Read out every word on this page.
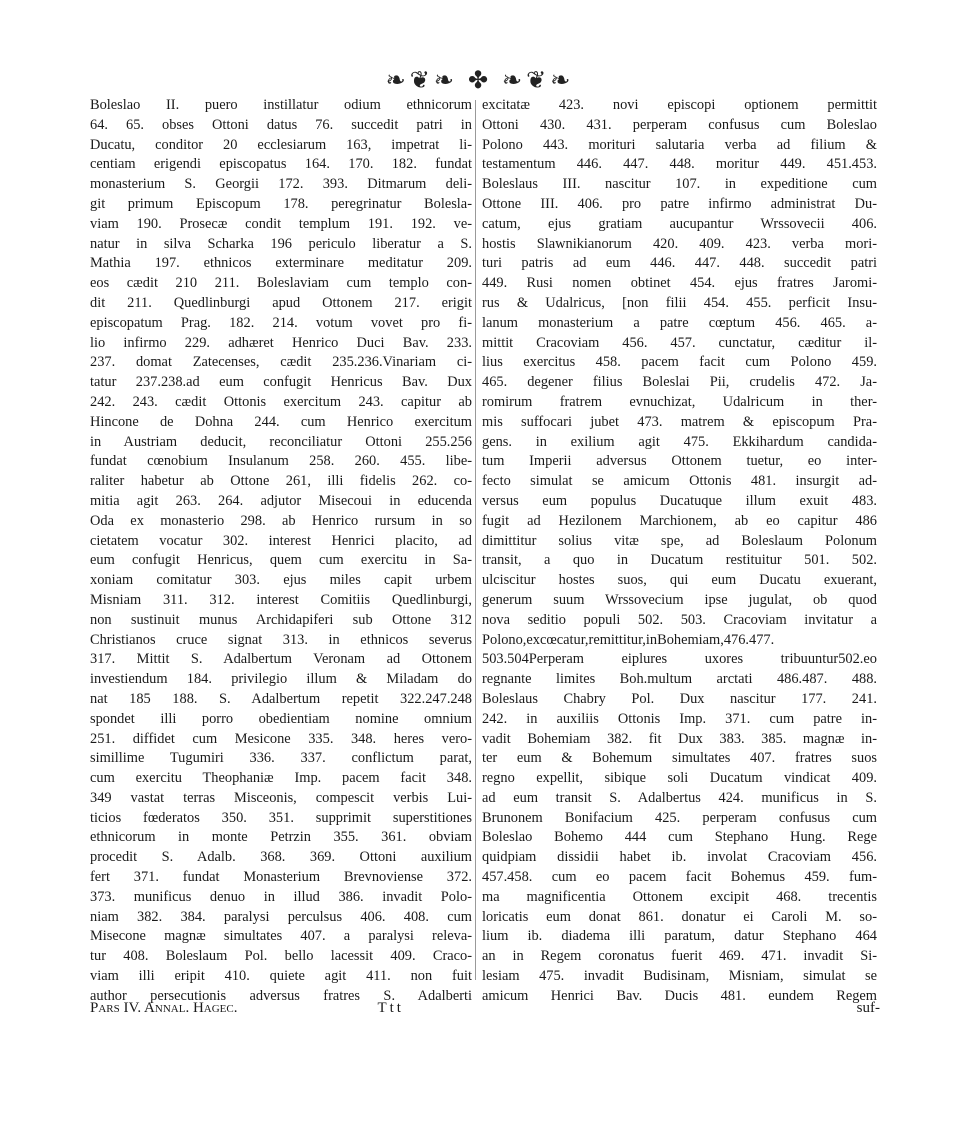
❧❦❧ ✤ ❧❦❧
Boleslao II. puero instillatur odium ethnicorum
64. 65. obses Ottoni datus 76. succedit patri in
Ducatu, conditor 20 ecclesiarum 163, impetrat li-
centiam erigendi episcopatus 164. 170. 182. fundat
monasterium S. Georgii 172. 393. Ditmarum deli-
git primum Episcopum 178. peregrinatur Bolesla-
viam 190. Prosecæ condit templum 191. 192. ve-
natur in silva Scharka 196 periculo liberatur a S.
Mathia 197. ethnicos exterminare meditatur 209.
eos cædit 210 211. Boleslaviam cum templo con-
dit 211. Quedlinburgi apud Ottonem 217. erigit
episcopatum Prag. 182. 214. votum vovet pro fi-
lio infirmo 229. adhæret Henrico Duci Bav. 233.
237. domat Zatecenses, cædit 235.236.Vinariam ci-
tatur 237.238.ad eum confugit Henricus Bav. Dux
242. 243. cædit Ottonis exercitum 243. capitur ab
Hincone de Dohna 244. cum Henrico exercitum
in Austriam deducit, reconciliatur Ottoni 255.256
fundat cœnobium Insulanum 258. 260. 455. libe-
raliter habetur ab Ottone 261, illi fidelis 262. co-
mitia agit 263. 264. adjutor Misecoui in educenda
Oda ex monasterio 298. ab Henrico rursum in so
cietatem vocatur 302. interest Henrici placito, ad
eum confugit Henricus, quem cum exercitu in Sa-
xoniam comitatur 303. ejus miles capit urbem
Misniam 311. 312. interest Comitiis Quedlinburgi,
non sustinuit munus Archidapiferi sub Ottone 312
Christianos cruce signat 313. in ethnicos severus
317. Mittit S. Adalbertum Veronam ad Ottonem
investiendum 184. privilegio illum & Miladam do
nat 185 188. S. Adalbertum repetit 322.247.248
spondet illi porro obedientiam nomine omnium
251. diffidet cum Mesicone 335. 348. heres vero-
simillime Tugumiri 336. 337. conflictum parat,
cum exercitu Theophaniæ Imp. pacem facit 348.
349 vastat terras Misceonis, compescit verbis Lui-
ticios fœderatos 350. 351. supprimit superstitiones
ethnicorum in monte Petrzin 355. 361. obviam
procedit S. Adalb. 368. 369. Ottoni auxilium
fert 371. fundat Monasterium Brevnoviense 372.
373. munificus denuo in illud 386. invadit Polo-
niam 382. 384. paralysi perculsus 406. 408. cum
Misecone magnæ simultates 407. a paralysi releva-
tur 408. Boleslaum Pol. bello lacessit 409. Craco-
viam illi eripit 410. quiete agit 411. non fuit
author persecutionis adversus fratres S. Adalberti
excitatæ 423. novi episcopi optionem permittit
Ottoni 430. 431. perperam confusus cum Boleslao
Polono 443. morituri salutaria verba ad filium &
testamentum 446. 447. 448. moritur 449. 451.453.
Boleslaus III. nascitur 107. in expeditione cum
Ottone III. 406. pro patre infirmo administrat Du-
catum, ejus gratiam aucupantur Wrssovecii 406.
hostis Slawnikianorum 420. 409. 423. verba mori-
turi patris ad eum 446. 447. 448. succedit patri
449. Rusi nomen obtinet 454. ejus fratres Jaromi-
rus & Udalricus, [non filii 454. 455. perficit Insu-
lanum monasterium a patre cœptum 456. 465. a-
mittit Cracoviam 456. 457. cunctatur, cæditur il-
lius exercitus 458. pacem facit cum Polono 459.
465. degener filius Boleslai Pii, crudelis 472. Ja-
romirum fratrem evnuchizat, Udalricum in ther-
mis suffocari jubet 473. matrem & episcopum Pra-
gens. in exilium agit 475. Ekkihardum candida-
tum Imperii adversus Ottonem tuetur, eo inter-
fecto simulat se amicum Ottonis 481. insurgit ad-
versus eum populus Ducatuque illum exuit 483.
fugit ad Hezilonem Marchionem, ab eo capitur 486
dimittitur solius vitæ spe, ad Boleslaum Polonum
transit, a quo in Ducatum restituitur 501. 502.
ulciscitur hostes suos, qui eum Ducatu exuerant,
generum suum Wrssovecium ipse jugulat, ob quod
nova seditio populi 502. 503. Cracoviam invitatur a
Polono,excœcatur,remittitur,inBohemiam,476.477.
503.504Perperam eiplures uxores tribuuntur502.eo
regnante limites Boh.multum arctati 486.487. 488.
Boleslaus Chabry Pol. Dux nascitur 177. 241.
242. in auxiliis Ottonis Imp. 371. cum patre in-
vadit Bohemiam 382. fit Dux 383. 385. magnæ in-
ter eum & Bohemum simultates 407. fratres suos
regno expellit, sibique soli Ducatum vindicat 409.
ad eum transit S. Adalbertus 424. munificus in S.
Brunonem Bonifacium 425. perperam confusus cum
Boleslao Bohemo 444 cum Stephano Hung. Rege
quidpiam dissidii habet ib. involat Cracoviam 456.
457.458. cum eo pacem facit Bohemus 459. fum-
ma magnificentia Ottonem excipit 468. trecentis
loricatis eum donat 861. donatur ei Caroli M. so-
lium ib. diadema illi paratum, datur Stephano 464
an in Regem coronatus fuerit 469. 471. invadit Si-
lesiam 475. invadit Budisinam, Misniam, simulat se
amicum Henrici Bav. Ducis 481. eundem Regem
Pars IV. Annal. Hagec.	Ttt	suf-
